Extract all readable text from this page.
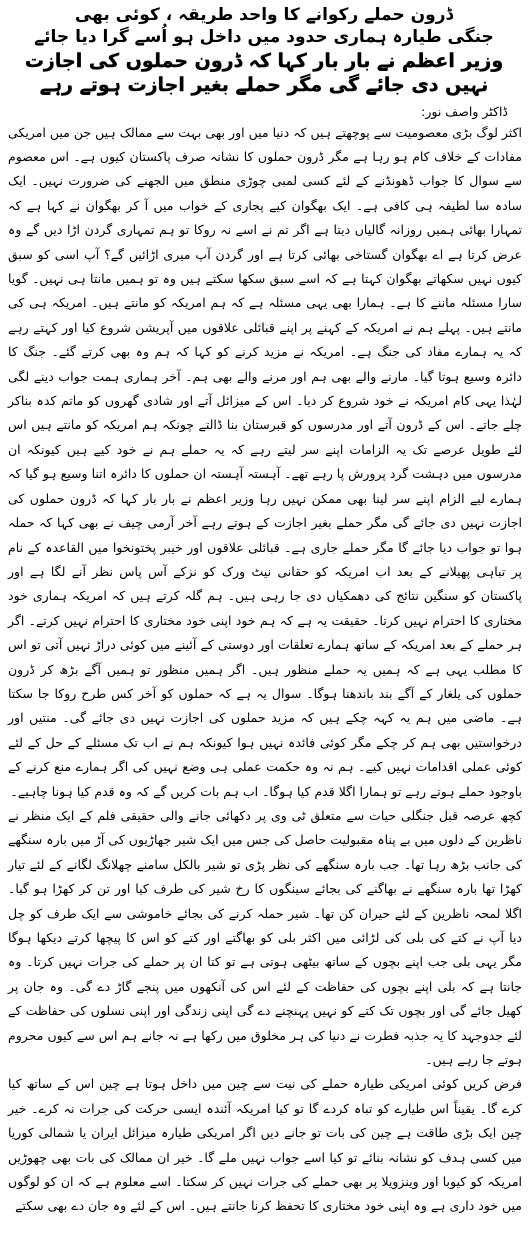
ڈرون حملے رکوانے کا واحد طریقہ ، کوئی بھی

جنگی طیارہ ہماری حدود میں داخل ہو اُسے گرا دیا جائے

وزیر اعظم نے بار بار کہا کہ ڈرون حملوں کی اجازت

نہیں دی جائے گی مگر حملے بغیر اجازت ہوتے رہے

ڈاکٹر واصف نور:

اکثر لوگ بڑی معصومیت سے پوچھتے ہیں کہ دنیا میں اور بھی بہت سے ممالک ہیں جن میں امریکی مفادات کے خلاف کام ہو رہا ہے مگر ڈرون حملوں کا نشانہ صرف پاکستان کیوں ہے۔ اس معصوم سے سوال کا جواب ڈھونڈنے کے لئے کسی لمبی چوڑی منطق میں الجھنے کی ضرورت نہیں۔ ایک سادہ سا لطیفہ ہی کافی ہے۔ ایک بھگوان کیے پجاری کے خواب میں آ کر بھگوان نے کہا ہے کہ تمہارا بھائی ہمیں روزانہ گالیاں دیتا ہے اگر تم نے اسے نہ روکا تو ہم تمہاری گردن اڑا دیں گے وہ عرض کرتا ہے اے بھگوان گستاخی بھائی کرتا ہے اور گردن آپ میری اڑائیں گے؟ آپ اسی کو سبق کیوں نہیں سکھاتے بھگوان کہتا ہے کہ اسے سبق سکھا سکتے ہیں وہ تو ہمیں مانتا ہی نہیں۔ گویا سارا مسئلہ ماننے کا ہے۔ ہمارا بھی یہی مسئلہ ہے کہ ہم امریکہ کو مانتے ہیں۔ امریکہ ہی کی مانتے ہیں۔ پہلے ہم نے امریکہ کے کہنے پر اپنے قبائلی علاقوں میں آپریشن شروع کیا اور کہتے رہے کہ یہ ہمارے مفاد کی جنگ ہے۔ امریکہ نے مزید کرنے کو کہا کہ ہم وہ بھی کرتے گئے۔ جنگ کا دائرہ وسیع ہوتا گیا۔ مارنے والے بھی ہم اور مرنے والے بھی ہم۔ آخر ہماری ہمت جواب دینے لگی لہٰذا یہی کام امریکہ نے خود شروع کر دیا۔ اس کے میزائل آتے اور شادی گھروں کو ماتم کدہ بناکر چلے جاتے۔ اس کے ڈرون آتے اور مدرسوں کو قبرستان بنا ڈالتے چونکہ ہم امریکہ کو مانتے ہیں اس لئے طویل عرصے تک یہ الزامات اپنے سر لیتے رہے کہ یہ حملے ہم نے خود کیے ہیں کیونکہ ان مدرسوں میں دہشت گرد پرورش پا رہے تھے۔ آہستہ آہستہ ان حملوں کا دائرہ اتنا وسیع ہو گیا کہ ہمارے لیے الزام اپنے سر لینا بھی ممکن نہیں رہا وزیر اعظم نے بار بار کہا کہ ڈرون حملوں کی اجازت نہیں دی جائے گی مگر حملے بغیر اجازت کے ہوتے رہے آخر آرمی چیف نے بھی کہا کہ حملہ ہوا تو جواب دیا جائے گا مگر حملے جاری ہے۔ قبائلی علاقوں اور خیبر پختونخوا میں القاعدہ کے نام پر تباہی پھیلانے کے بعد اب امریکہ کو حقانی نیٹ ورک کو نزکے آس پاس نظر آنے لگا ہے اور پاکستان کو سنگین نتائج کی دھمکیاں دی جا رہی ہیں۔ ہم گلہ کرتے ہیں کہ امریکہ ہماری خود مختاری کا احترام نہیں کرتا۔ حقیقت یہ ہے کہ ہم خود اپنی خود مختاری کا احترام نہیں کرتے۔ اگر ہر حملے کے بعد امریکہ کے ساتھ ہمارے تعلقات اور دوستی کے آئینے میں کوئی دراڑ نہیں آتی تو اس کا مطلب یہی ہے کہ ہمیں یہ حملے منظور ہیں۔ اگر ہمیں منظور تو ہمیں آگے بڑھ کر ڈرون حملوں کی یلغار کے آگے بند باندھنا ہوگا۔ سوال یہ ہے کہ حملوں کو آخر کس طرح روکا جا سکتا ہے۔ ماضی میں ہم یہ کہہ چکے ہیں کہ مزید حملوں کی اجازت نہیں دی جائے گی۔ منتیں اور درخواستیں بھی ہم کر چکے مگر کوئی فائدہ نہیں ہوا کیونکہ ہم نے اب تک مسئلے کے حل کے لئے کوئی عملی اقدامات نہیں کیے۔ ہم نہ وہ حکمت عملی ہی وضع نہیں کی اگر ہمارے منع کرنے کے باوجود حملے ہوتے رہے تو ہمارا اگلا قدم کیا ہوگا۔ اب ہم بات کریں گے کہ وہ قدم کیا ہونا چاہیے۔

کچھ عرصہ قبل جنگلی حیات سے متعلق ٹی وی پر دکھائی جانے والی حقیقی فلم کے ایک منظر نے ناظرین کے دلوں میں بے پناہ مقبولیت حاصل کی جس میں ایک شیر جھاڑیوں کی آڑ میں بارہ سنگھے کی جانب بڑھ رہا تھا۔ جب بارہ سنگھے کی نظر پڑی تو شیر بالکل سامنے چھلانگ لگانے کے لئے تیار کھڑا تھا بارہ سنگھے نے بھاگنے کی بجائے سینگوں کا رخ شیر کی طرف کیا اور تن کر کھڑا ہو گیا۔ اگلا لمحہ ناظرین کے لئے حیران کن تھا۔ شیر حملہ کرنے کی بجائے خاموشی سے ایک طرف کو چل دیا آپ نے کتے کی بلی کی لڑائی میں اکثر بلی کو بھاگتے اور کتے کو اس کا پیچھا کرتے دیکھا ہوگا مگر یہی بلی جب اپنے بچوں کے ساتھ بیٹھی ہوتی ہے تو کتا ان پر حملے کی جرات نہیں کرتا۔ وہ جانتا ہے کہ بلی اپنے بچوں کی حفاظت کے لئے اس کی آنکھوں میں پنجے گاڑ دے گی۔ وہ جان پر کھیل جائے گی اور بچوں تک کتے کو نہیں پہنچنے دے گی اپنی زندگی اور اپنی نسلوں کی حفاظت کے لئے جدوجہد کا یہ جذبہ فطرت نے دنیا کی ہر مخلوق میں رکھا ہے نہ جانے ہم اس سے کیوں محروم ہوتے جا رہے ہیں۔

فرض کریں کوئی امریکی طیارہ حملے کی نیت سے چین میں داخل ہوتا ہے چین اس کے ساتھ کیا کرے گا۔ یقیناً اس طیارے کو تباہ کردے گا تو کیا امریکہ آئندہ ایسی حرکت کی جرات نہ کرے۔ خیر چین ایک بڑی طاقت ہے چین کی بات تو جانے دیں اگر امریکی طیارہ میزائل ایران یا شمالی کوریا میں کسی ہدف کو نشانہ بنائے تو کیا اسے جواب نہیں ملے گا۔ خیر ان ممالک کی بات بھی چھوڑیں امریکہ کو کیوبا اور وینزویلا پر بھی حملے کی جرات نہیں کر سکتا۔ اسے معلوم ہے کہ ان کو لوگوں میں خود داری ہے وہ اپنی خود مختاری کا تحفظ کرنا جانتے ہیں۔ اس کے لئے وہ جان دے بھی سکتے
